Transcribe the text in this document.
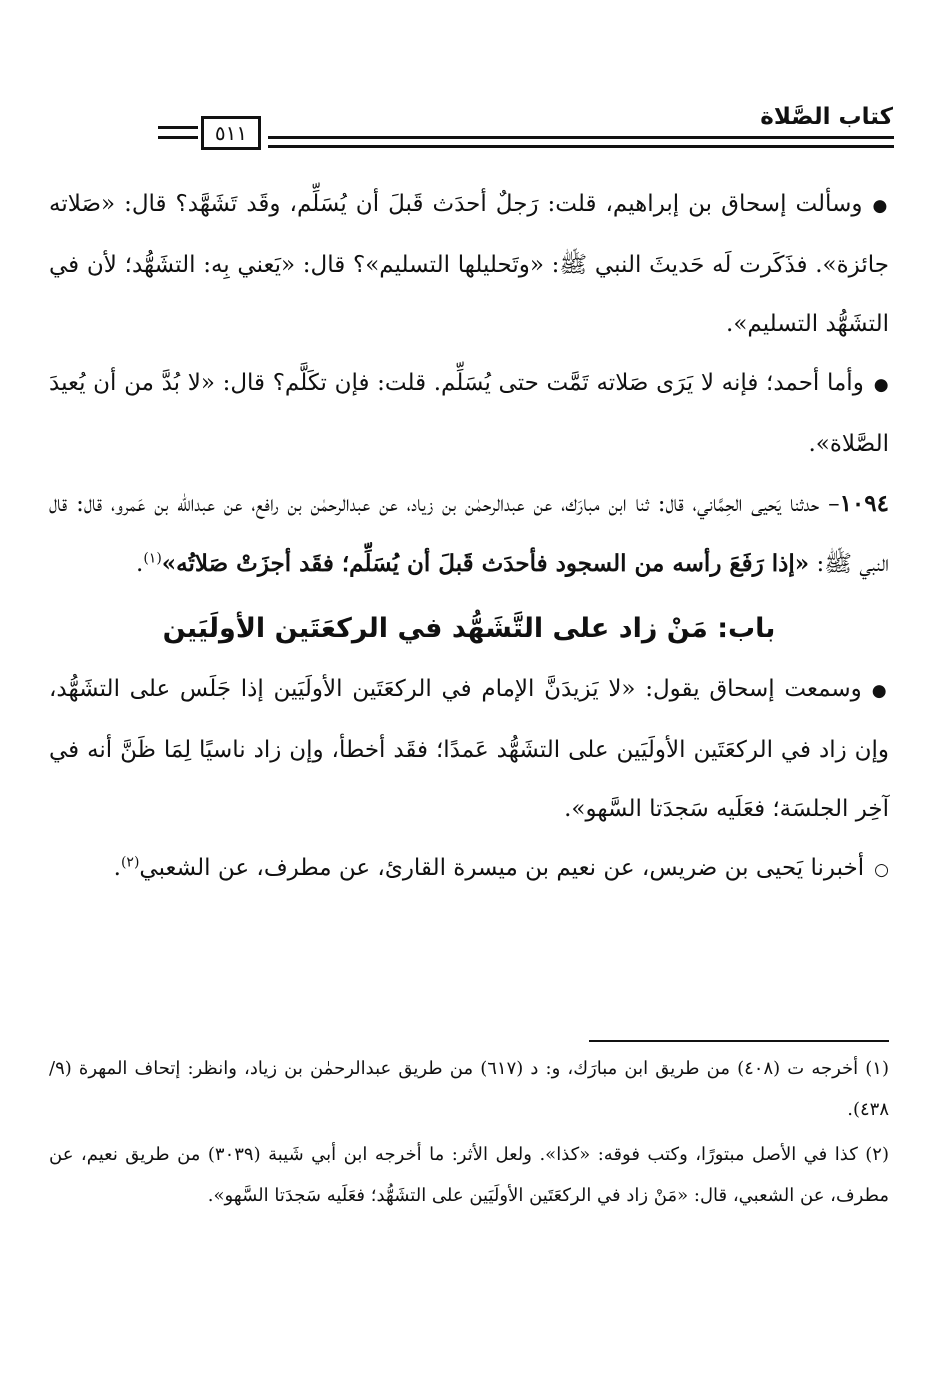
كتاب الصَّلاة
٥١١

●وسألت إسحاق بن إبراهيم، قلت: رَجلٌ أحدَث قَبلَ أن يُسَلِّم، وقَد تَشَهَّد؟ قال: «صَلاته جائزة». فذَكَرت لَه حَديثَ النبي ﷺ: «وتَحليلها التسليم»؟ قال: «يَعني بِه: التشَهُّد؛ لأن في التشَهُّد التسليم».

●وأما أحمد؛ فإنه لا يَرَى صَلاته تَمَّت حتى يُسَلِّم. قلت: فإن تكَلَّم؟ قال: «لا بُدَّ من أن يُعيدَ الصَّلاة».

١٠٩٤– حدثنا يَحيى الحِمَّاني، قال: ثنا ابن مبارَك، عن عبدالرحمٰن بن زياد، عن عبدالرحمٰن بن رافع، عن عبدالله بن عَمرو، قال: قال النبي ﷺ: «إذا رَفَعَ رأسه من السجود فأحدَث قَبلَ أن يُسَلِّم؛ فقَد أجزَتْ صَلاتُه»$^{(١)}$.

باب: مَنْ زاد على التَّشَهُّد في الركعَتَين الأولَيَين

●وسمعت إسحاق يقول: «لا يَزيدَنَّ الإمام في الركعَتَين الأولَيَين إذا جَلَس على التشَهُّد، وإن زاد في الركعَتَين الأولَيَين على التشَهُّد عَمدًا؛ فقَد أخطأ، وإن زاد ناسيًا لِمَا ظَنَّ أنه في آخِر الجلسَة؛ فعَلَيه سَجدَتا السَّهو».

○أخبرنا يَحيى بن ضريس، عن نعيم بن ميسرة القارئ، عن مطرف، عن الشعبي$^{(٢)}$.

(١) أخرجه ت (٤٠٨) من طريق ابن مبارَك، و: د (٦١٧) من طريق عبدالرحمٰن بن زياد، وانظر: إتحاف المهرة (٩/ ٤٣٨).

(٢) كذا في الأصل مبتورًا، وكتب فوقه: «كذا». ولعل الأثر: ما أخرجه ابن أبي شَيبة (٣٠٣٩) من طريق نعيم، عن مطرف، عن الشعبي، قال: «مَنْ زاد في الركعَتَين الأولَيَين على التشَهُّد؛ فعَلَيه سَجدَتا السَّهو».
